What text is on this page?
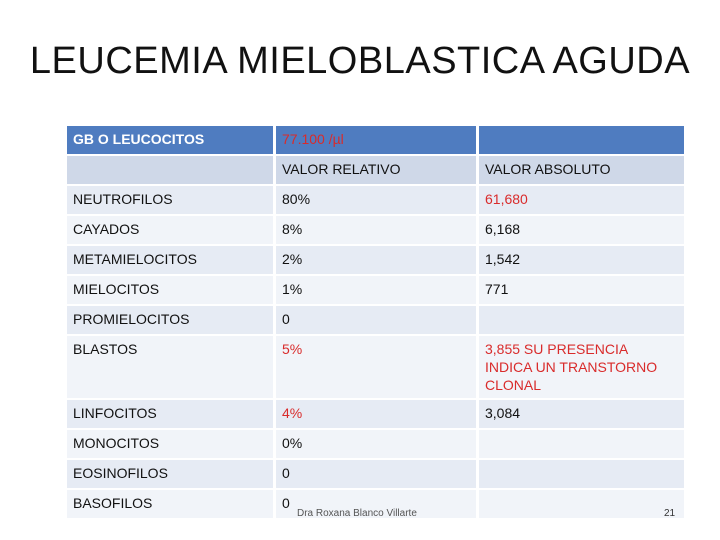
LEUCEMIA MIELOBLASTICA AGUDA
GB O LEUCOCITOS	77.100 /µl	
	VALOR RELATIVO	VALOR ABSOLUTO
NEUTROFILOS	80%	61,680
CAYADOS	8%	6,168
METAMIELOCITOS	2%	1,542
MIELOCITOS	1%	771
PROMIELOCITOS	0	
BLASTOS	5%	3,855 SU PRESENCIA INDICA UN TRANSTORNO CLONAL
LINFOCITOS	4%	3,084
MONOCITOS	0%	
EOSINOFILOS	0	
BASOFILOS	0	
Dra Roxana Blanco Villarte	21
